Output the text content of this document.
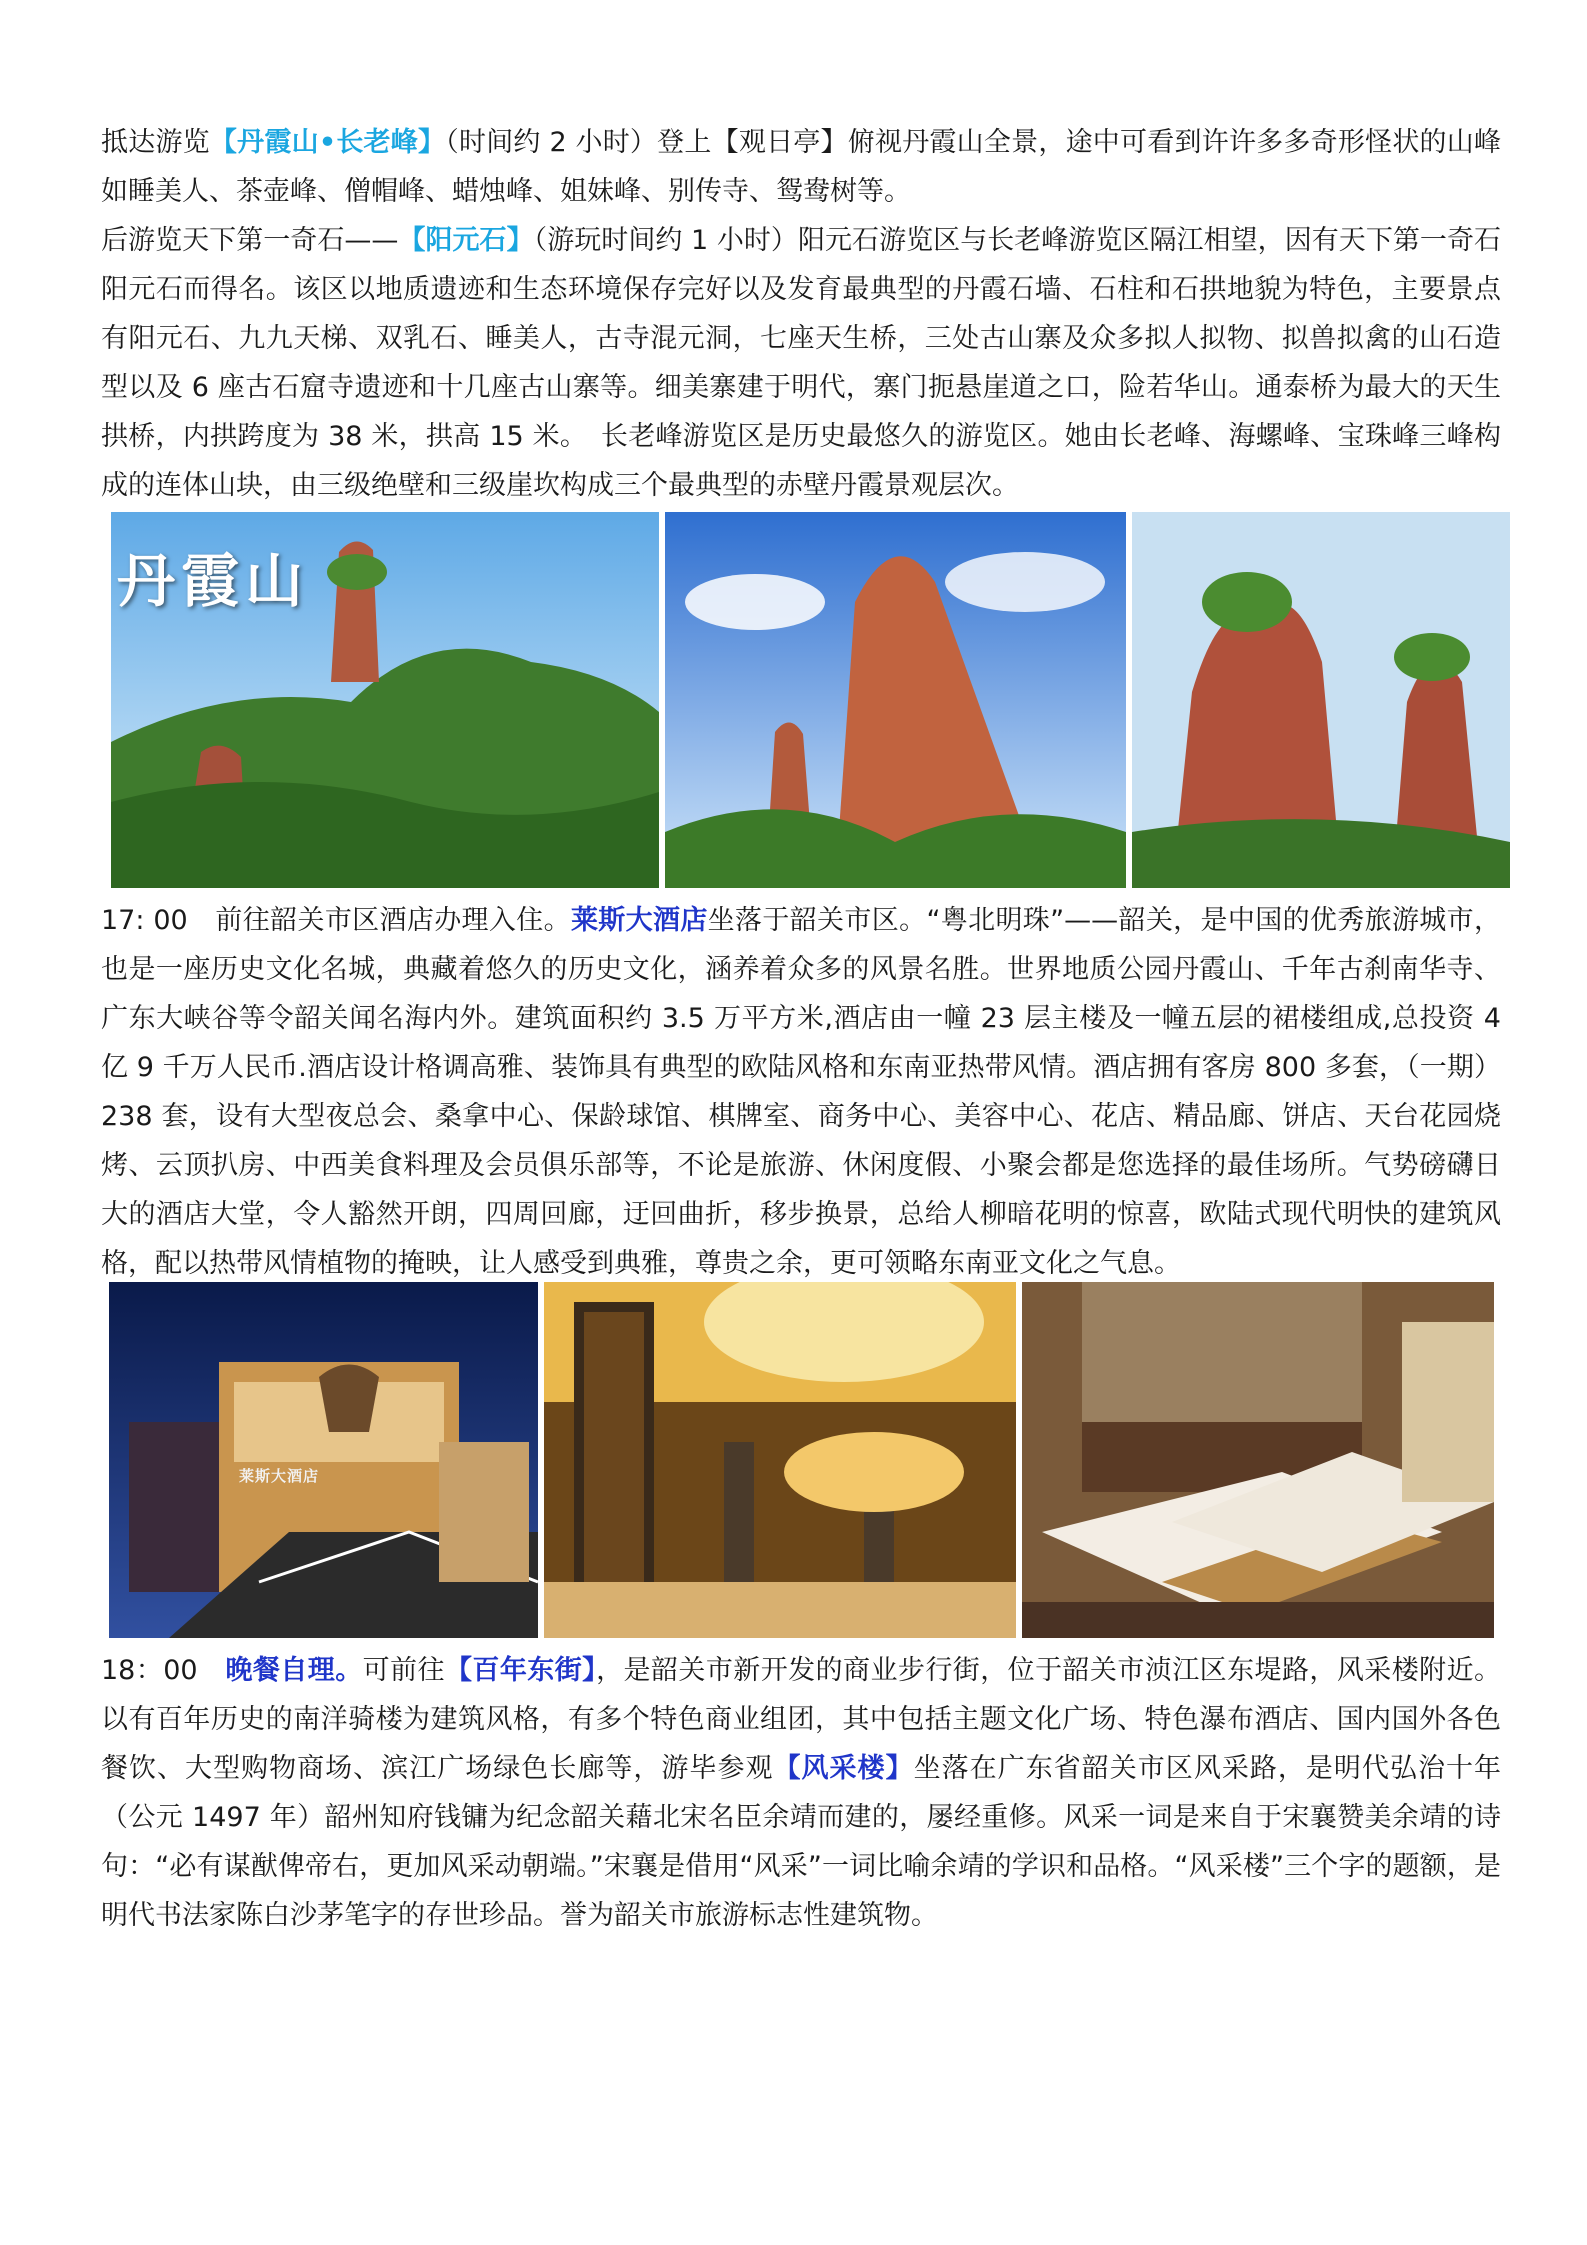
抵达游览【丹霞山•长老峰】（时间约 2 小时）登上【观日亭】俯视丹霞山全景，途中可看到许许多多奇形怪状的山峰如睡美人、茶壶峰、僧帽峰、蜡烛峰、姐妹峰、别传寺、鸳鸯树等。

后游览天下第一奇石——【阳元石】（游玩时间约 1 小时）阳元石游览区与长老峰游览区隔江相望，因有天下第一奇石阳元石而得名。该区以地质遗迹和生态环境保存完好以及发育最典型的丹霞石墙、石柱和石拱地貌为特色，主要景点有阳元石、九九天梯、双乳石、睡美人，古寺混元洞，七座天生桥，三处古山寨及众多拟人拟物、拟兽拟禽的山石造型以及 6 座古石窟寺遗迹和十几座古山寨等。细美寨建于明代，寨门扼悬崖道之口，险若华山。通泰桥为最大的天生拱桥，内拱跨度为 38 米，拱高 15 米。　长老峰游览区是历史最悠久的游览区。她由长老峰、海螺峰、宝珠峰三峰构成的连体山块，由三级绝壁和三级崖坎构成三个最典型的赤壁丹霞景观层次。

丹霞山

17: 00　前往韶关市区酒店办理入住。莱斯大酒店坐落于韶关市区。“粤北明珠”——韶关，是中国的优秀旅游城市，也是一座历史文化名城，典藏着悠久的历史文化，涵养着众多的风景名胜。世界地质公园丹霞山、千年古刹南华寺、广东大峡谷等令韶关闻名海内外。建筑面积约 3.5 万平方米,酒店由一幢 23 层主楼及一幢五层的裙楼组成,总投资 4 亿 9 千万人民币.酒店设计格调高雅、装饰具有典型的欧陆风格和东南亚热带风情。酒店拥有客房 800 多套，（一期）238 套，设有大型夜总会、桑拿中心、保龄球馆、棋牌室、商务中心、美容中心、花店、精品廊、饼店、天台花园烧烤、云顶扒房、中西美食料理及会员俱乐部等，不论是旅游、休闲度假、小聚会都是您选择的最佳场所。气势磅礴日大的酒店大堂，令人豁然开朗，四周回廊，迂回曲折，移步换景，总给人柳暗花明的惊喜，欧陆式现代明快的建筑风格，配以热带风情植物的掩映，让人感受到典雅，尊贵之余，更可领略东南亚文化之气息。

莱斯大酒店

18：00　晚餐自理。可前往【百年东街】，是韶关市新开发的商业步行街，位于韶关市浈江区东堤路，风采楼附近。以有百年历史的南洋骑楼为建筑风格，有多个特色商业组团，其中包括主题文化广场、特色瀑布酒店、国内国外各色餐饮、大型购物商场、滨江广场绿色长廊等，游毕参观【风采楼】坐落在广东省韶关市区风采路，是明代弘治十年（公元 1497 年）韶州知府钱镛为纪念韶关藉北宋名臣余靖而建的，屡经重修。风采一词是来自于宋襄赞美余靖的诗句：“必有谋猷俾帝右，更加风采动朝端。”宋襄是借用“风采”一词比喻余靖的学识和品格。“风采楼”三个字的题额，是明代书法家陈白沙茅笔字的存世珍品。誉为韶关市旅游标志性建筑物。
